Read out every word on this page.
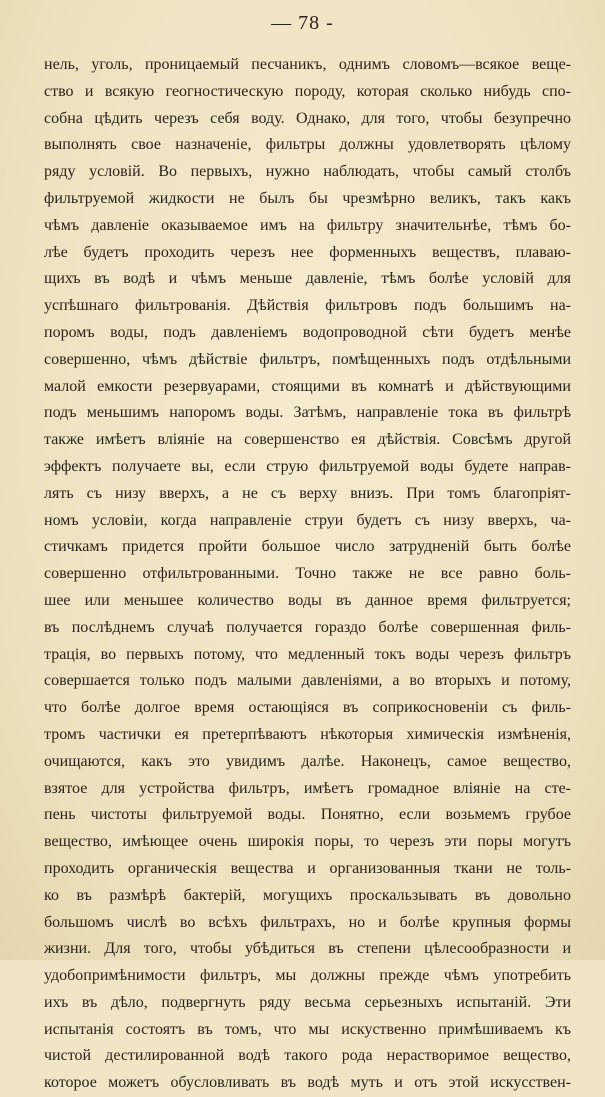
— 78 -
нель, уголь, проницаемый песчаникъ, однимъ словомъ—всякое веще-
ство и всякую геогностическую породу, которая сколько нибудь спо-
собна цѣдить черезъ себя воду. Однако, для того, чтобы безупречно
выполнять свое назначеніе, фильтры должны удовлетворять цѣлому
ряду условій. Во первыхъ, нужно наблюдать, чтобы самый столбъ
фильтруемой жидкости не былъ бы чрезмѣрно великъ, такъ какъ
чѣмъ давленіе оказываемое имъ на фильтру значительнѣе, тѣмъ бо-
лѣе будетъ проходить черезъ нее форменныхъ веществъ, плаваю-
щихъ въ водѣ и чѣмъ меньше давленіе, тѣмъ болѣе условій для
успѣшнаго фильтрованія. Дѣйствія фильтровъ подъ большимъ на-
поромъ воды, подъ давленіемъ водопроводной сѣти будетъ менѣе
совершенно, чѣмъ дѣйствіе фильтръ, помѣщенныхъ подъ отдѣльными
малой емкости резервуарами, стоящими въ комнатѣ и дѣйствующими
подъ меньшимъ напоромъ воды. Затѣмъ, направленіе тока въ фильтрѣ
также имѣетъ вліяніе на совершенство ея дѣйствія. Совсѣмъ другой
эффектъ получаете вы, если струю фильтруемой воды будете направ-
лять съ низу вверхъ, а не съ верху внизъ. При томъ благопріят-
номъ условіи, когда направленіе струи будетъ съ низу вверхъ, ча-
стичкамъ придется пройти большое число затрудненій быть болѣе
совершенно отфильтрованными. Точно также не все равно боль-
шее или меньшее количество воды въ данное время фильтруется;
въ послѣднемъ случаѣ получается гораздо болѣе совершенная филь-
трація, во первыхъ потому, что медленный токъ воды черезъ фильтръ
совершается только подъ малыми давленіями, а во вторыхъ и потому,
что болѣе долгое время остающіяся въ соприкосновеніи съ филь-
тромъ частички ея претерпѣваютъ нѣкоторыя химическія измѣненія,
очищаются, какъ это увидимъ далѣе. Наконецъ, самое вещество,
взятое для устройства фильтръ, имѣетъ громадное вліяніе на сте-
пень чистоты фильтруемой воды. Понятно, если возьмемъ грубое
вещество, имѣющее очень широкія поры, то черезъ эти поры могутъ
проходить органическія вещества и организованныя ткани не толь-
ко въ размѣрѣ бактерій, могущихъ проскальзывать въ довольно
большомъ числѣ во всѣхъ фильтрахъ, но и болѣе крупныя формы
жизни. Для того, чтобы убѣдиться въ степени цѣлесообразности и
удобопримѣнимости фильтръ, мы должны прежде чѣмъ употребить
ихъ въ дѣло, подвергнуть ряду весьма серьезныхъ испытаній. Эти
испытанія состоятъ въ томъ, что мы искуственно примѣшиваемъ къ
чистой дестилированной водѣ такого рода нерастворимое вещество,
которое можетъ обусловливать въ водѣ муть и отъ этой искусствен-
